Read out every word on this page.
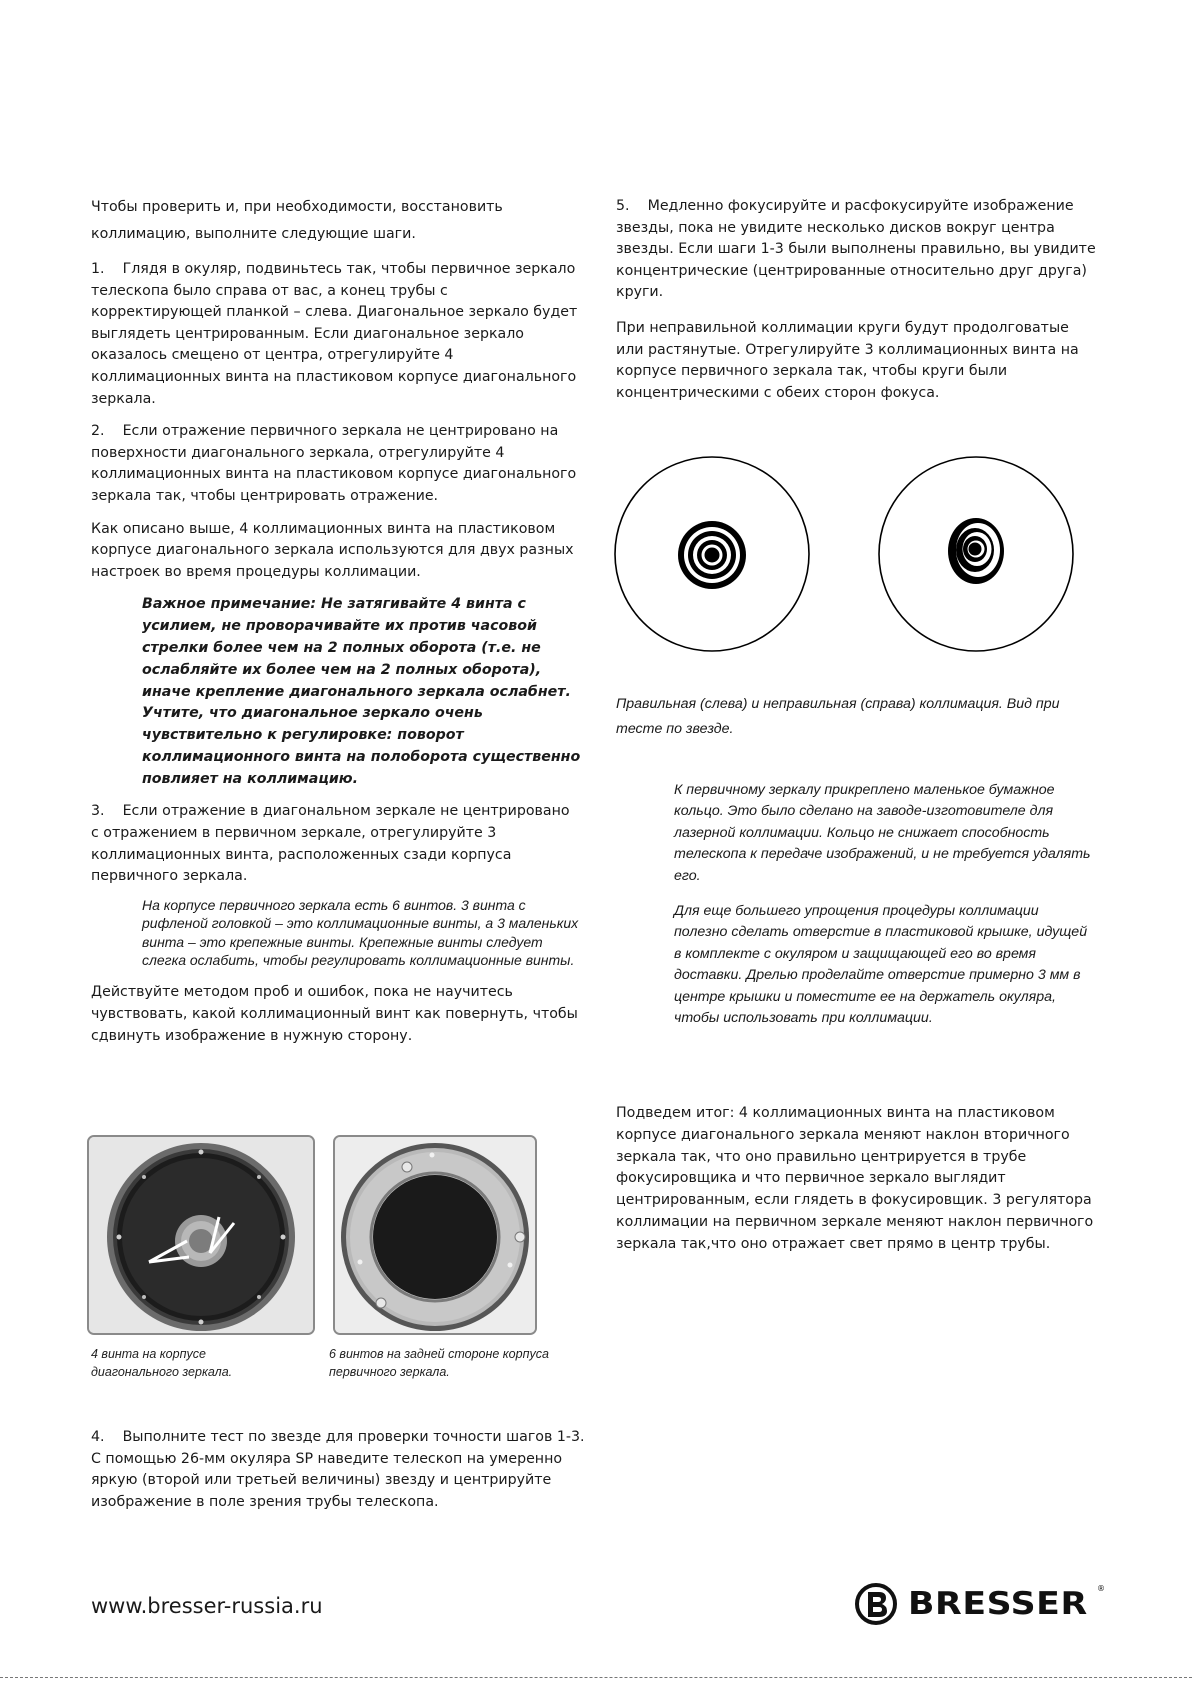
Чтобы проверить и, при необходимости, восстановить коллимацию, выполните следующие шаги.

1.    Глядя в окуляр, подвиньтесь так, чтобы первичное зеркало телескопа было справа от вас, а конец трубы с корректирующей планкой – слева. Диагональное зеркало будет выглядеть центрированным. Если диагональное зеркало оказалось смещено от центра, отрегулируйте 4 коллимационных винта на пластиковом корпусе диагонального зеркала.

2.    Если отражение первичного зеркала не центрировано на поверхности диагонального зеркала, отрегулируйте 4 коллимационных винта на пластиковом корпусе диагонального зеркала так, чтобы центрировать отражение.

Как описано выше, 4 коллимационных винта на пластиковом корпусе диагонального зеркала используются для двух разных настроек во время процедуры коллимации.

Важное примечание: Не затягивайте 4 винта с усилием, не проворачивайте их против часовой стрелки более чем на 2 полных оборота (т.е. не ослабляйте их более чем на 2 полных оборота), иначе крепление диагонального зеркала ослабнет. Учтите, что диагональное зеркало очень чувствительно к регулировке: поворот коллимационного винта на полоборота существенно повлияет на коллимацию.

3.    Если отражение в диагональном зеркале не центрировано с отражением в первичном зеркале, отрегулируйте 3 коллимационных винта, расположенных сзади корпуса первичного зеркала.

На корпусе первичного зеркала есть 6 винтов. 3 винта с рифленой головкой – это коллимационные винты, а 3 маленьких винта – это крепежные винты. Крепежные винты следует слегка ослабить, чтобы регулировать коллимационные винты.

Действуйте методом проб и ошибок, пока не научитесь чувствовать, какой коллимационный винт как повернуть, чтобы сдвинуть изображение в нужную сторону.

4 винта на корпусе диагонального зеркала.
6 винтов на задней стороне корпуса первичного зеркала.

4.    Выполните тест по звезде для проверки точности шагов 1-3. С помощью 26-мм окуляра SP наведите телескоп на умеренно яркую (второй или третьей величины) звезду и центрируйте изображение в поле зрения трубы телескопа.

5.    Медленно фокусируйте и расфокусируйте изображение звезды, пока не увидите несколько дисков вокруг центра звезды. Если шаги 1-3 были выполнены правильно, вы увидите концентрические (центрированные относительно друг друга) круги.

При неправильной коллимации круги будут продолговатые или растянутые. Отрегулируйте 3 коллимационных винта на корпусе первичного зеркала так, чтобы круги были концентрическими с обеих сторон фокуса.

Правильная (слева) и неправильная (справа) коллимация. Вид при тесте по звезде.

К первичному зеркалу прикреплено маленькое бумажное кольцо. Это было сделано на заводе-изготовителе для лазерной коллимации. Кольцо не снижает способность телескопа к передаче изображений, и не требуется удалять его.

Для еще большего упрощения процедуры коллимации полезно сделать отверстие в пластиковой крышке, идущей в комплекте с окуляром и защищающей его во время доставки. Дрелью проделайте отверстие примерно 3 мм в центре крышки и поместите ее на держатель окуляра, чтобы использовать при коллимации.

Подведем итог: 4 коллимационных винта на пластиковом корпусе диагонального зеркала меняют наклон вторичного зеркала так, что оно правильно центрируется в трубе фокусировщика и что первичное зеркало выглядит центрированным, если глядеть в фокусировщик. 3 регулятора коллимации на первичном зеркале меняют наклон первичного зеркала так,что оно отражает свет прямо в центр трубы.

www.bresser-russia.ru	BRESSER ®
